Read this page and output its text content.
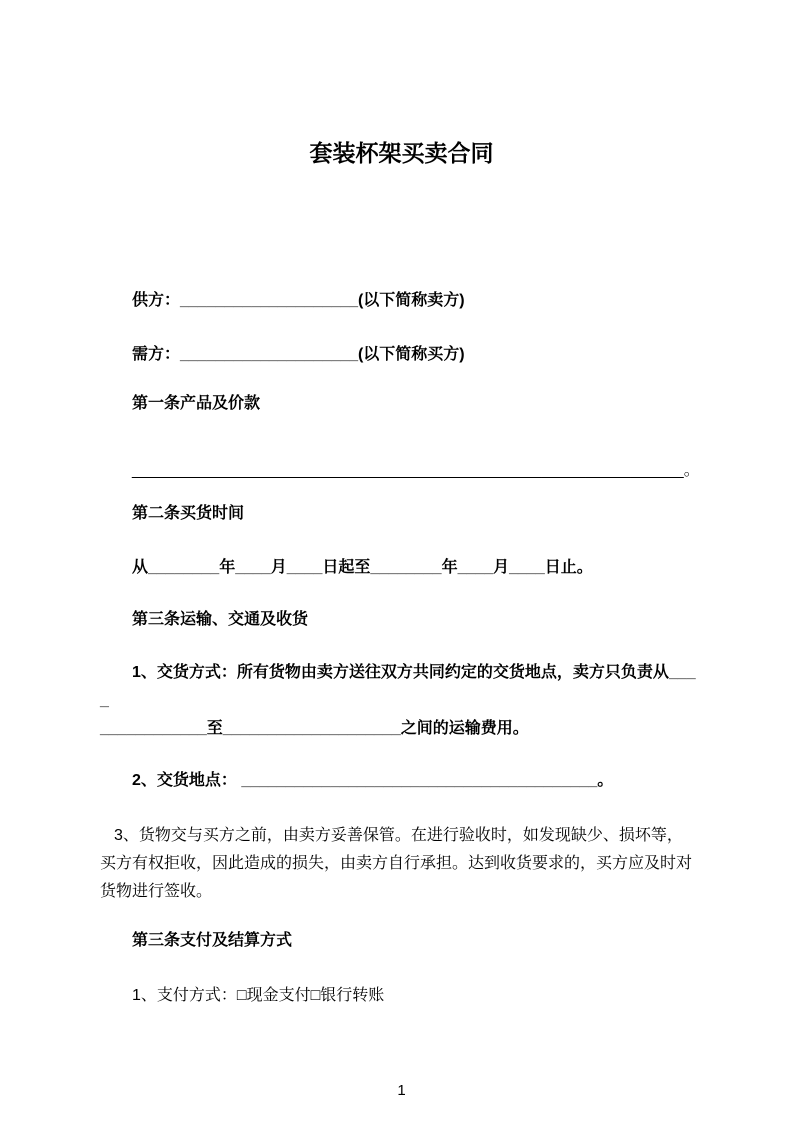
套装杯架买卖合同

供方：____________________(以下简称卖方)

需方：____________________(以下简称买方)

第一条产品及价款

______________________________________________________________。

第二条买货时间

从________年____月____日起至________年____月____日止。

第三条运输、交通及收货

1、交货方式：所有货物由卖方送往双方共同约定的交货地点，卖方只负责从____

____________至____________________之间的运输费用。

2、交货地点： ________________________________________。

3、货物交与买方之前，由卖方妥善保管。在进行验收时，如发现缺少、损坏等，

买方有权拒收，因此造成的损失，由卖方自行承担。达到收货要求的，买方应及时对

货物进行签收。

第三条支付及结算方式

1、支付方式：□现金支付□银行转账

1
